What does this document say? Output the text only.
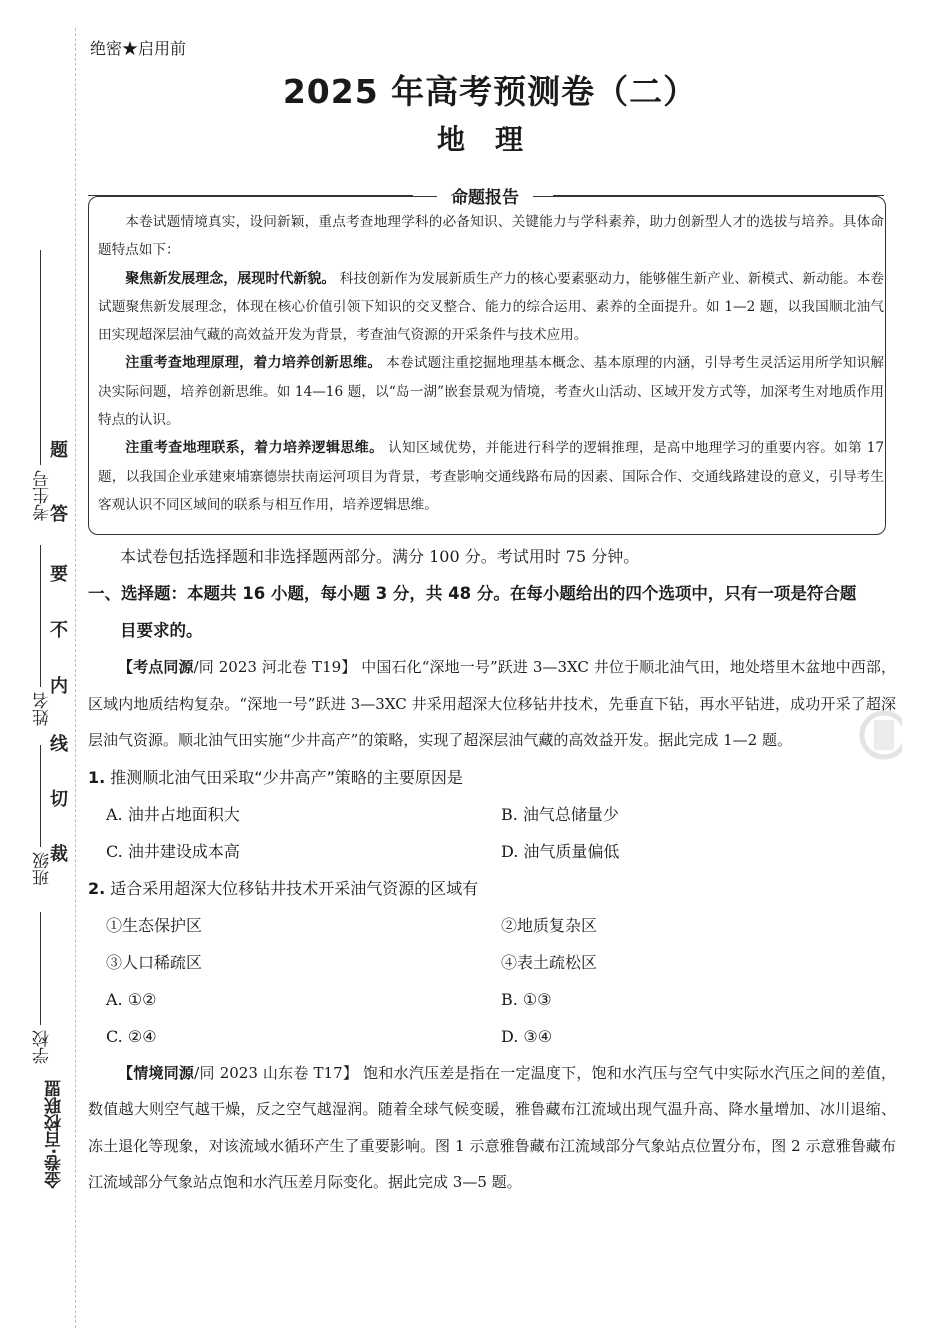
考生号
姓名
班级
学校
题
答
要
不
内
线
切
裁
金卷·百校联盟
绝密★启用前
2025 年高考预测卷（二）
地理
命题报告

本卷试题情境真实，设问新颖，重点考查地理学科的必备知识、关键能力与学科素养，助力创新型人才的选拔与培养。具体命题特点如下：

聚焦新发展理念，展现时代新貌。 科技创新作为发展新质生产力的核心要素驱动力，能够催生新产业、新模式、新动能。本卷试题聚焦新发展理念，体现在核心价值引领下知识的交叉整合、能力的综合运用、素养的全面提升。如 1—2 题，以我国顺北油气田实现超深层油气藏的高效益开发为背景，考查油气资源的开采条件与技术应用。

注重考查地理原理，着力培养创新思维。 本卷试题注重挖掘地理基本概念、基本原理的内涵，引导考生灵活运用所学知识解决实际问题，培养创新思维。如 14—16 题，以“岛一湖”嵌套景观为情境，考查火山活动、区域开发方式等，加深考生对地质作用特点的认识。

注重考查地理联系，着力培养逻辑思维。 认知区域优势，并能进行科学的逻辑推理，是高中地理学习的重要内容。如第 17 题，以我国企业承建柬埔寨德崇扶南运河项目为背景，考查影响交通线路布局的因素、国际合作、交通线路建设的意义，引导考生客观认识不同区域间的联系与相互作用，培养逻辑思维。

本试卷包括选择题和非选择题两部分。满分 100 分。考试用时 75 分钟。

一、选择题：本题共 16 小题，每小题 3 分，共 48 分。在每小题给出的四个选项中，只有一项是符合题
目要求的。

【考点同源/同 2023 河北卷 T19】 中国石化“深地一号”跃进 3—3XC 井位于顺北油气田，地处塔里木盆地中西部，区域内地质结构复杂。“深地一号”跃进 3—3XC 井采用超深大位移钻井技术，先垂直下钻，再水平钻进，成功开采了超深层油气资源。顺北油气田实施“少井高产”的策略，实现了超深层油气藏的高效益开发。据此完成 1—2 题。

1. 推测顺北油气田采取“少井高产”策略的主要原因是

A. 油井占地面积大	B. 油气总储量少
C. 油井建设成本高	D. 油气质量偏低

2. 适合采用超深大位移钻井技术开采油气资源的区域有

①生态保护区	②地质复杂区
③人口稀疏区	④表土疏松区
A. ①②	B. ①③
C. ②④	D. ③④

【情境同源/同 2023 山东卷 T17】 饱和水汽压差是指在一定温度下，饱和水汽压与空气中实际水汽压之间的差值，数值越大则空气越干燥，反之空气越湿润。随着全球气候变暖，雅鲁藏布江流域出现气温升高、降水量增加、冰川退缩、冻土退化等现象，对该流域水循环产生了重要影响。图 1 示意雅鲁藏布江流域部分气象站点位置分布，图 2 示意雅鲁藏布江流域部分气象站点饱和水汽压差月际变化。据此完成 3—5 题。
